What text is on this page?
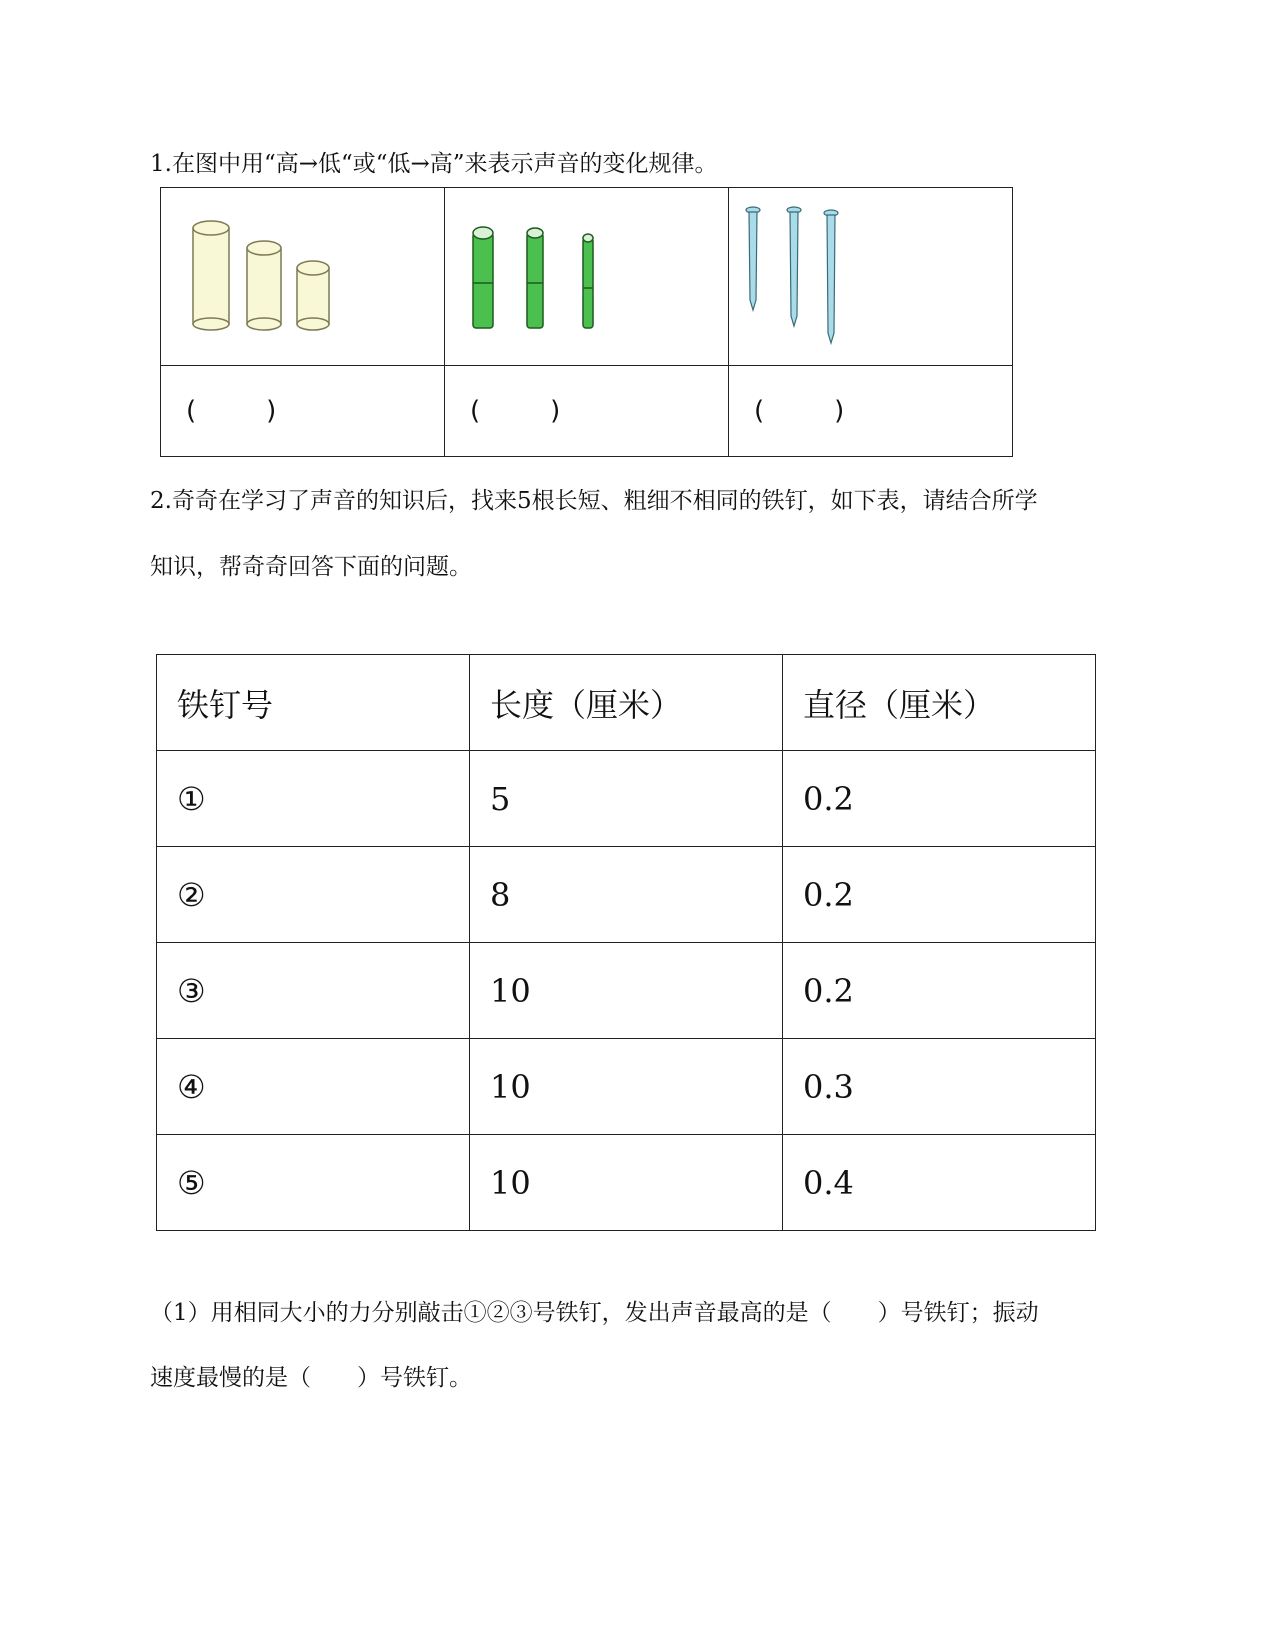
1.在图中用“高→低“或“低→高”来表示声音的变化规律。

( )	( )	( )
2.奇奇在学习了声音的知识后，找来5根长短、粗细不相同的铁钉，如下表，请结合所学
知识，帮奇奇回答下面的问题。
铁钉号	长度（厘米）	直径（厘米）
①	5	0.2
②	8	0.2
③	10	0.2
④	10	0.3
⑤	10	0.4
（1）用相同大小的力分别敲击①②③号铁钉，发出声音最高的是（　　）号铁钉；振动
速度最慢的是（　　）号铁钉。
